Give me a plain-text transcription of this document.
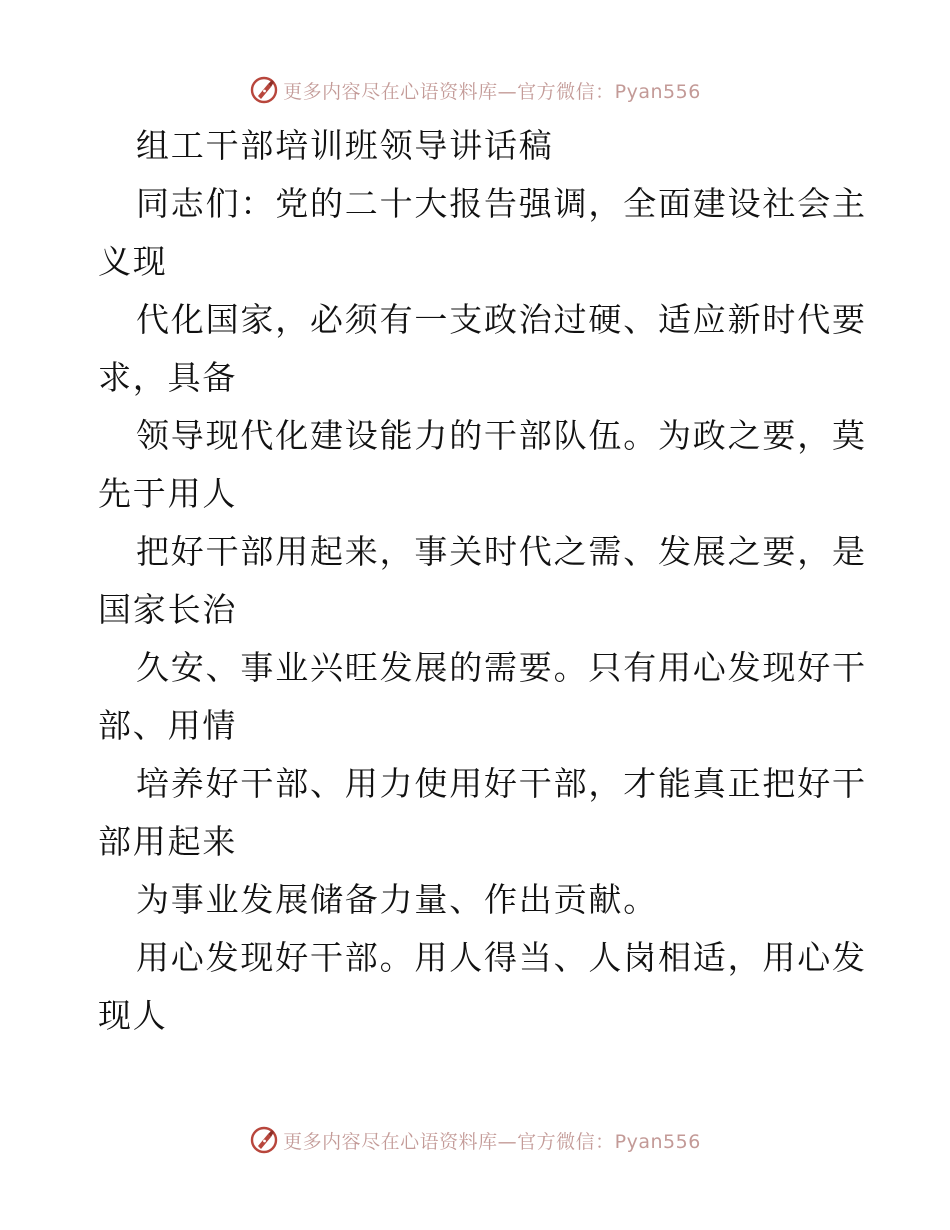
更多内容尽在心语资料库—官方微信：Pyan556
组工干部培训班领导讲话稿
同志们：党的二十大报告强调，全面建设社会主
义现
代化国家，必须有一支政治过硬、适应新时代要
求，具备
领导现代化建设能力的干部队伍。为政之要，莫
先于用人
把好干部用起来，事关时代之需、发展之要，是
国家长治
久安、事业兴旺发展的需要。只有用心发现好干
部、用情
培养好干部、用力使用好干部，才能真正把好干
部用起来
为事业发展储备力量、作出贡献。
用心发现好干部。用人得当、人岗相适，用心发
现人
更多内容尽在心语资料库—官方微信：Pyan556
